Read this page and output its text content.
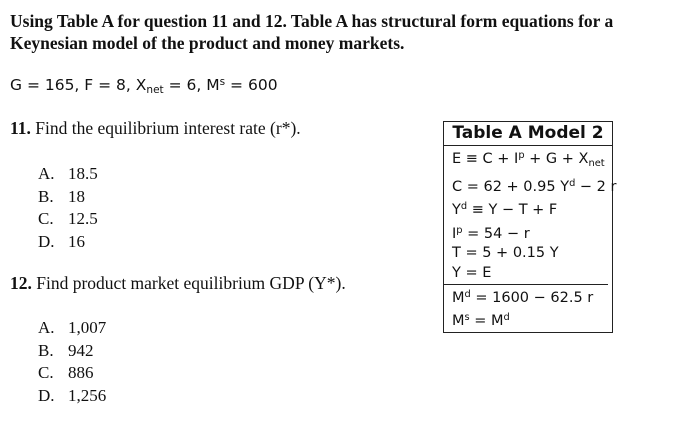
Using Table A for question 11 and 12. Table A has structural form equations for a
Keynesian model of the product and money markets.
G = 165, F = 8, $X_{net} = 6$, $M^s = 600$
11. Find the equilibrium interest rate (r*).
A. 18.5
B. 18
C. 12.5
D. 16
12. Find product market equilibrium GDP (Y*).
A. 1,007
B. 942
C. 886
D. 1,256
Table A Model 2
$E \equiv C + I^p + G + X_{net}$
C = 62 + 0.95 $Y^d - 2$ r
$Y^d \equiv Y - T + F$
$I^p = 54 - r$
T = 5 + 0.15 Y
Y = E
$M^d = 1600 - 62.5$ r
$M^s = M^d$
